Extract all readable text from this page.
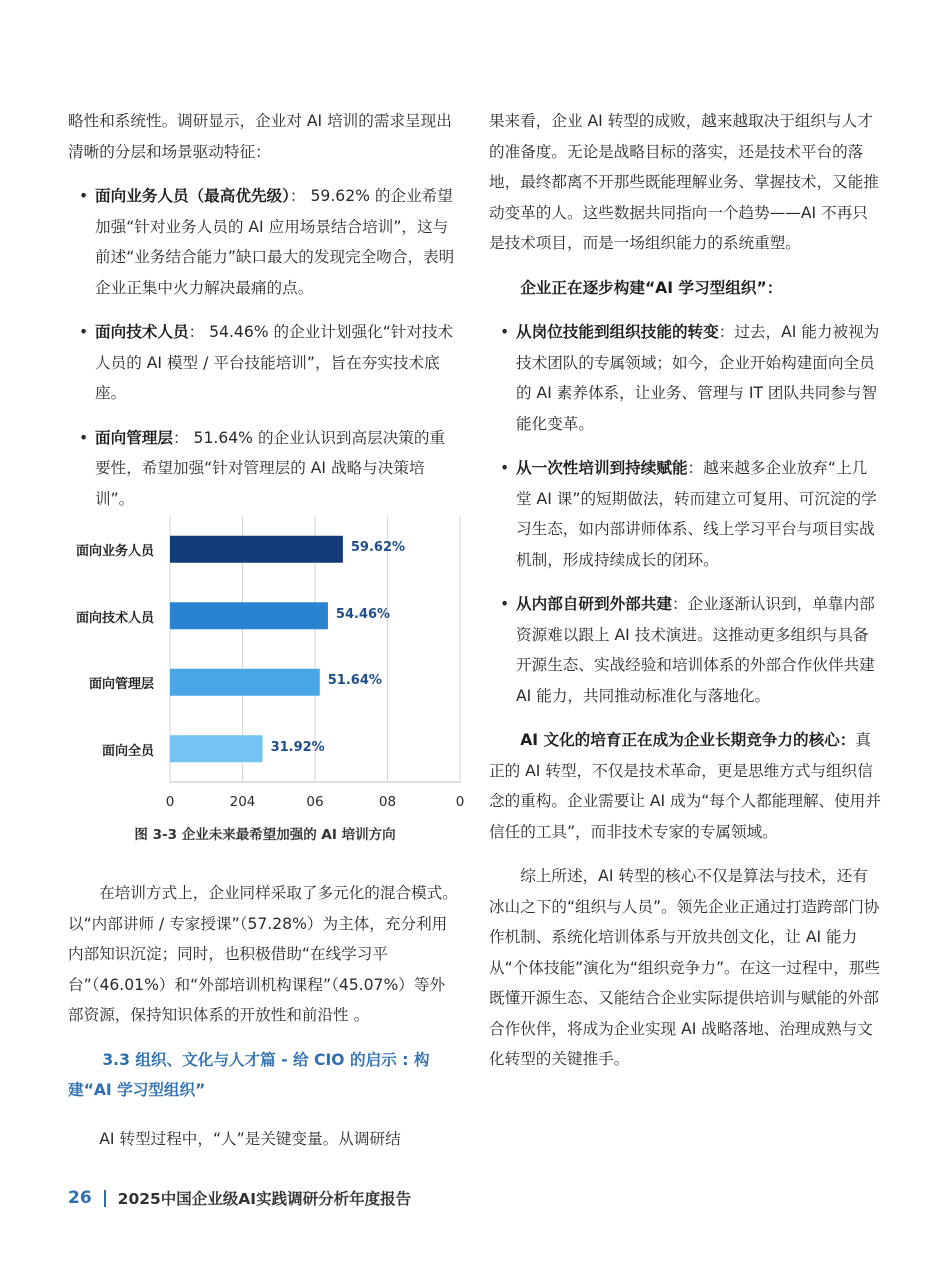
略性和系统性。调研显示，企业对 AI 培训的需求呈现出清晰的分层和场景驱动特征：

• 面向业务人员（最高优先级）： 59.62% 的企业希望加强“针对业务人员的 AI 应用场景结合培训”，这与前述“业务结合能力”缺口最大的发现完全吻合，表明企业正集中火力解决最痛的点。
• 面向技术人员： 54.46% 的企业计划强化“针对技术人员的 AI 模型 / 平台技能培训”，旨在夯实技术底座。
• 面向管理层： 51.64% 的企业认识到高层决策的重要性，希望加强“针对管理层的 AI 战略与决策培训”。
0	204	06	08	0
面向业务人员	59.62%
面向技术人员	54.46%
面向管理层	51.64%
面向全员	31.92%
图 3-3 企业未来最希望加强的 AI 培训方向

在培训方式上，企业同样采取了多元化的混合模式。以“内部讲师 / 专家授课”（57.28%）为主体，充分利用内部知识沉淀；同时，也积极借助“在线学习平台”（46.01%）和“外部培训机构课程”（45.07%）等外部资源，保持知识体系的开放性和前沿性 。

3.3 组织、文化与人才篇 - 给 CIO 的启示 : 构建“AI 学习型组织”

AI 转型过程中，“人”是关键变量。从调研结

果来看，企业 AI 转型的成败，越来越取决于组织与人才的准备度。无论是战略目标的落实，还是技术平台的落地，最终都离不开那些既能理解业务、掌握技术，又能推动变革的人。这些数据共同指向一个趋势——AI 不再只是技术项目，而是一场组织能力的系统重塑。

企业正在逐步构建“AI 学习型组织”：

• 从岗位技能到组织技能的转变：过去，AI 能力被视为技术团队的专属领域；如今，企业开始构建面向全员的 AI 素养体系，让业务、管理与 IT 团队共同参与智能化变革。
• 从一次性培训到持续赋能：越来越多企业放弃“上几堂 AI 课”的短期做法，转而建立可复用、可沉淀的学习生态，如内部讲师体系、线上学习平台与项目实战机制，形成持续成长的闭环。
• 从内部自研到外部共建：企业逐渐认识到，单靠内部资源难以跟上 AI 技术演进。这推动更多组织与具备开源生态、实战经验和培训体系的外部合作伙伴共建 AI 能力，共同推动标准化与落地化。

AI 文化的培育正在成为企业长期竞争力的核心：真正的 AI 转型，不仅是技术革命，更是思维方式与组织信念的重构。企业需要让 AI 成为“每个人都能理解、使用并信任的工具”，而非技术专家的专属领域。

综上所述，AI 转型的核心不仅是算法与技术，还有冰山之下的“组织与人员”。领先企业正通过打造跨部门协作机制、系统化培训体系与开放共创文化，让 AI 能力从“个体技能”演化为“组织竞争力”。在这一过程中，那些既懂开源生态、又能结合企业实际提供培训与赋能的外部合作伙伴，将成为企业实现 AI 战略落地、治理成熟与文化转型的关键推手。

26 2025中国企业级AI实践调研分析年度报告
